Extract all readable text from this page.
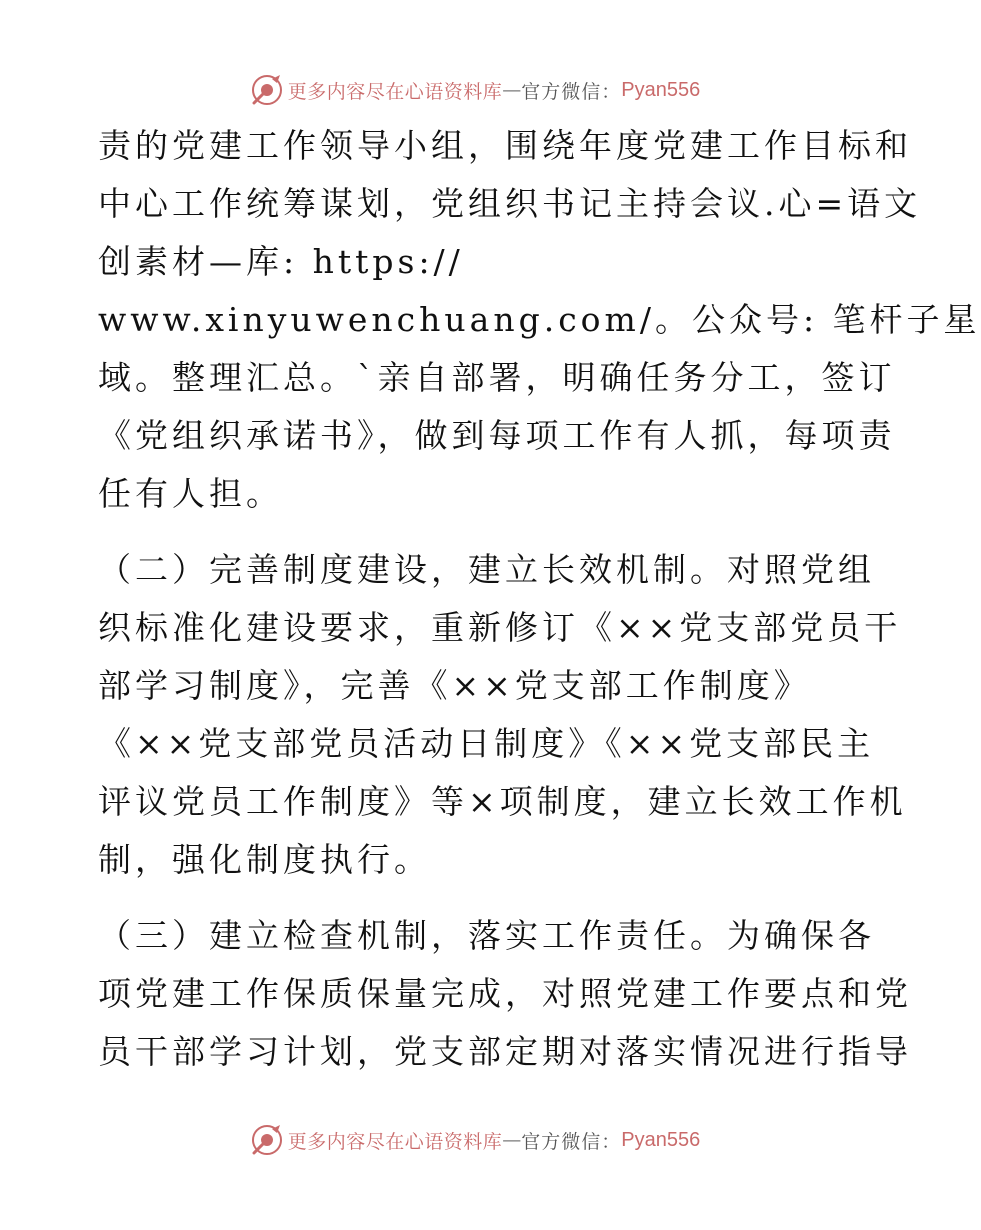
更多内容尽在心语资料库 — 官方微信： Pyan556
责的党建工作领导小组，围绕年度党建工作目标和
中心工作统筹谋划，党组织书记主持会议.心=语文
创素材—库: https://
www.xinyuwenchuang.com/。公众号: 笔杆子星
域。整理汇总。`亲自部署，明确任务分工，签订
《党组织承诺书》，做到每项工作有人抓，每项责
任有人担。
（二）完善制度建设，建立长效机制。对照党组
织标准化建设要求，重新修订《××党支部党员干
部学习制度》，完善《××党支部工作制度》
《××党支部党员活动日制度》《××党支部民主
评议党员工作制度》等×项制度，建立长效工作机
制，强化制度执行。
（三）建立检查机制，落实工作责任。为确保各
项党建工作保质保量完成，对照党建工作要点和党
员干部学习计划，党支部定期对落实情况进行指导
更多内容尽在心语资料库 — 官方微信： Pyan556
